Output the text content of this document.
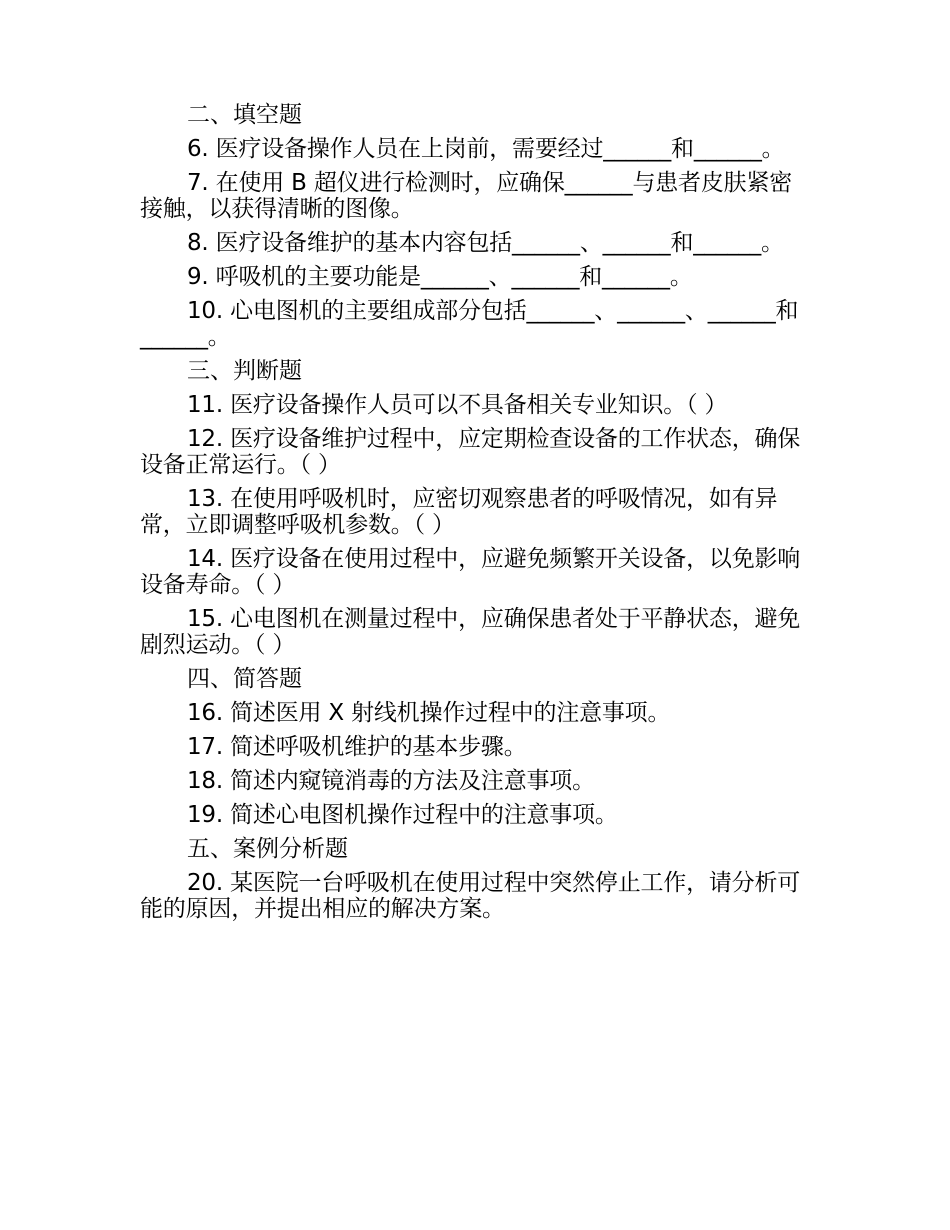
二、填空题

6. 医疗设备操作人员在上岗前，需要经过______和______。

7. 在使用 B 超仪进行检测时，应确保______与患者皮肤紧密接触，以获得清晰的图像。

8. 医疗设备维护的基本内容包括______、______和______。

9. 呼吸机的主要功能是______、______和______。

10. 心电图机的主要组成部分包括______、______、______和______。

三、判断题

11. 医疗设备操作人员可以不具备相关专业知识。（ ）

12. 医疗设备维护过程中，应定期检查设备的工作状态，确保设备正常运行。（ ）

13. 在使用呼吸机时，应密切观察患者的呼吸情况，如有异常，立即调整呼吸机参数。（ ）

14. 医疗设备在使用过程中，应避免频繁开关设备，以免影响设备寿命。（ ）

15. 心电图机在测量过程中，应确保患者处于平静状态，避免剧烈运动。（ ）

四、简答题

16. 简述医用 X 射线机操作过程中的注意事项。

17. 简述呼吸机维护的基本步骤。

18. 简述内窥镜消毒的方法及注意事项。

19. 简述心电图机操作过程中的注意事项。

五、案例分析题

20. 某医院一台呼吸机在使用过程中突然停止工作，请分析可能的原因，并提出相应的解决方案。
